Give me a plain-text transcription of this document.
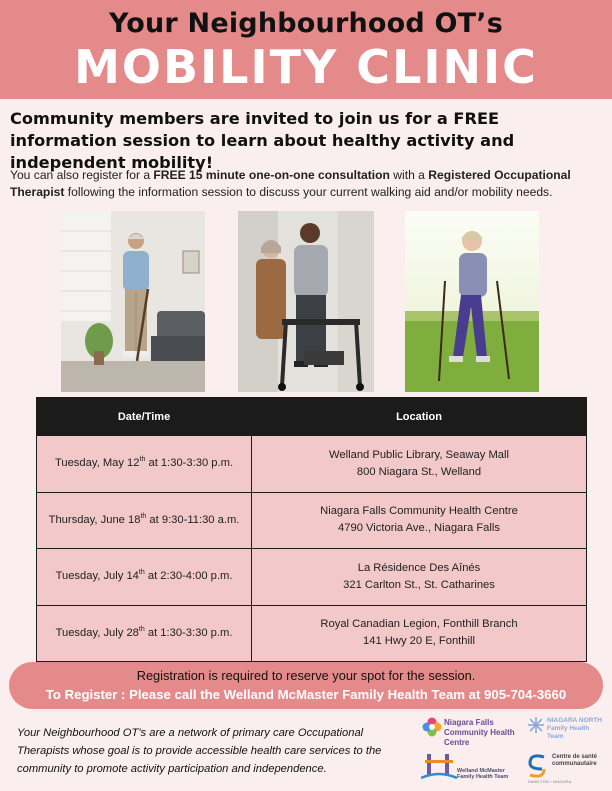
Your Neighbourhood OT’s
MOBILITY CLINIC
Community members are invited to join us for a FREE information session to learn about healthy activity and independent mobility!
You can also register for a FREE 15 minute one-on-one consultation with a Registered Occupational Therapist following the information session to discuss your current walking aid and/or mobility needs.
Date/Time	Location
Tuesday, May 12th at 1:30-3:30 p.m.	Welland Public Library, Seaway Mall
800 Niagara St., Welland

Thursday, June 18th at 9:30-11:30 a.m.	Niagara Falls Community Health Centre
4790 Victoria Ave., Niagara Falls

Tuesday, July 14th at 2:30-4:00 p.m.	La Résidence Des Aînés
321 Carlton St., St. Catharines

Tuesday, July 28th at 1:30-3:30 p.m.	Royal Canadian Legion, Fonthill Branch
141 Hwy 20 E, Fonthill
Registration is required to reserve your spot for the session.
To Register : Please call the Welland McMaster Family Health Team at 905-704-3660
Your Neighbourhood OT’s are a network of primary care Occupational Therapists whose goal is to provide accessible health care services to the community to promote activity participation and independence.
Niagara Falls Community Health Centre
NIAGARA NORTH Family Health Team
Welland McMaster Family Health Team
Centre de santé communautaire
HAMILTON / NIAGARA
